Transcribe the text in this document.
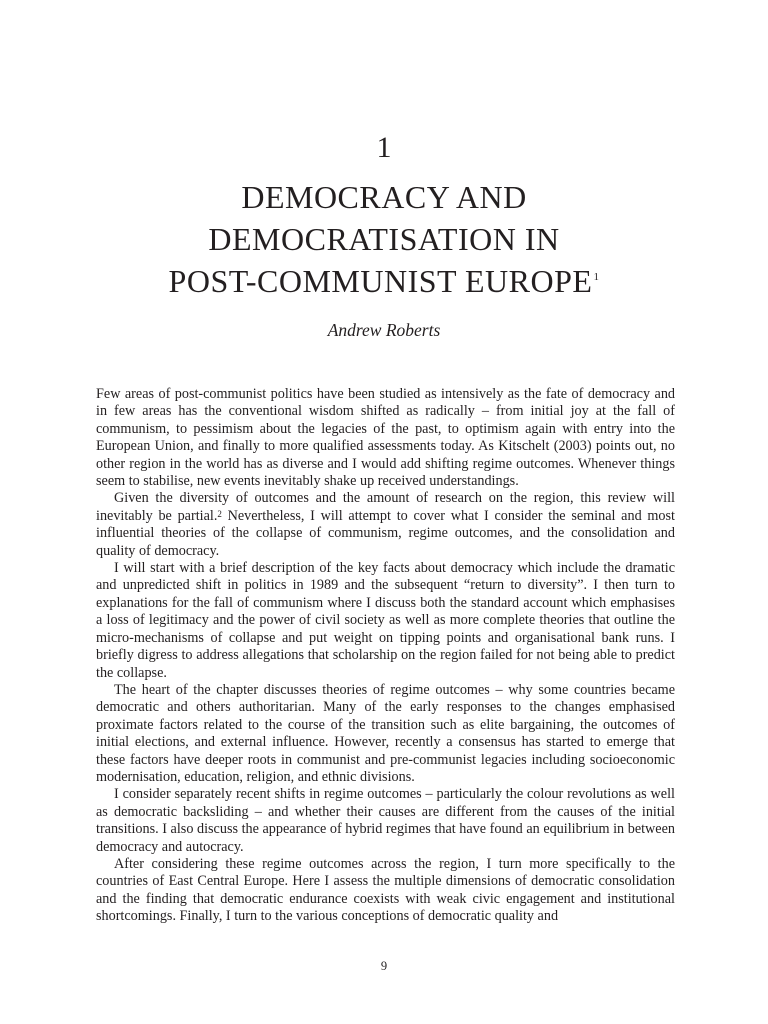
1
DEMOCRACY AND
DEMOCRATISATION IN
POST-COMMUNIST EUROPE$^1$
Andrew Roberts

Few areas of post-communist politics have been studied as intensively as the fate of democracy and in few areas has the conventional wisdom shifted as radically – from initial joy at the fall of communism, to pessimism about the legacies of the past, to optimism again with entry into the European Union, and finally to more qualified assessments today. As Kitschelt (2003) points out, no other region in the world has as diverse and I would add shifting regime outcomes. Whenever things seem to stabilise, new events inevitably shake up received understandings.

Given the diversity of outcomes and the amount of research on the region, this review will inevitably be partial.$^2$ Nevertheless, I will attempt to cover what I consider the seminal and most influential theories of the collapse of communism, regime outcomes, and the consolidation and quality of democracy.

I will start with a brief description of the key facts about democracy which include the dramatic and unpredicted shift in politics in 1989 and the subsequent “return to diversity”. I then turn to explanations for the fall of communism where I discuss both the standard account which emphasises a loss of legitimacy and the power of civil society as well as more complete theories that outline the micro-mechanisms of collapse and put weight on tipping points and organisational bank runs. I briefly digress to address allegations that scholarship on the region failed for not being able to predict the collapse.

The heart of the chapter discusses theories of regime outcomes – why some countries became democratic and others authoritarian. Many of the early responses to the changes emphasised proximate factors related to the course of the transition such as elite bargaining, the outcomes of initial elections, and external influence. However, recently a consensus has started to emerge that these factors have deeper roots in communist and pre-communist legacies including socioeconomic modernisation, education, religion, and ethnic divisions.

I consider separately recent shifts in regime outcomes – particularly the colour revolutions as well as democratic backsliding – and whether their causes are different from the causes of the initial transitions. I also discuss the appearance of hybrid regimes that have found an equilibrium in between democracy and autocracy.

After considering these regime outcomes across the region, I turn more specifically to the countries of East Central Europe. Here I assess the multiple dimensions of democratic consolidation and the finding that democratic endurance coexists with weak civic engagement and institutional shortcomings. Finally, I turn to the various conceptions of democratic quality and

9
